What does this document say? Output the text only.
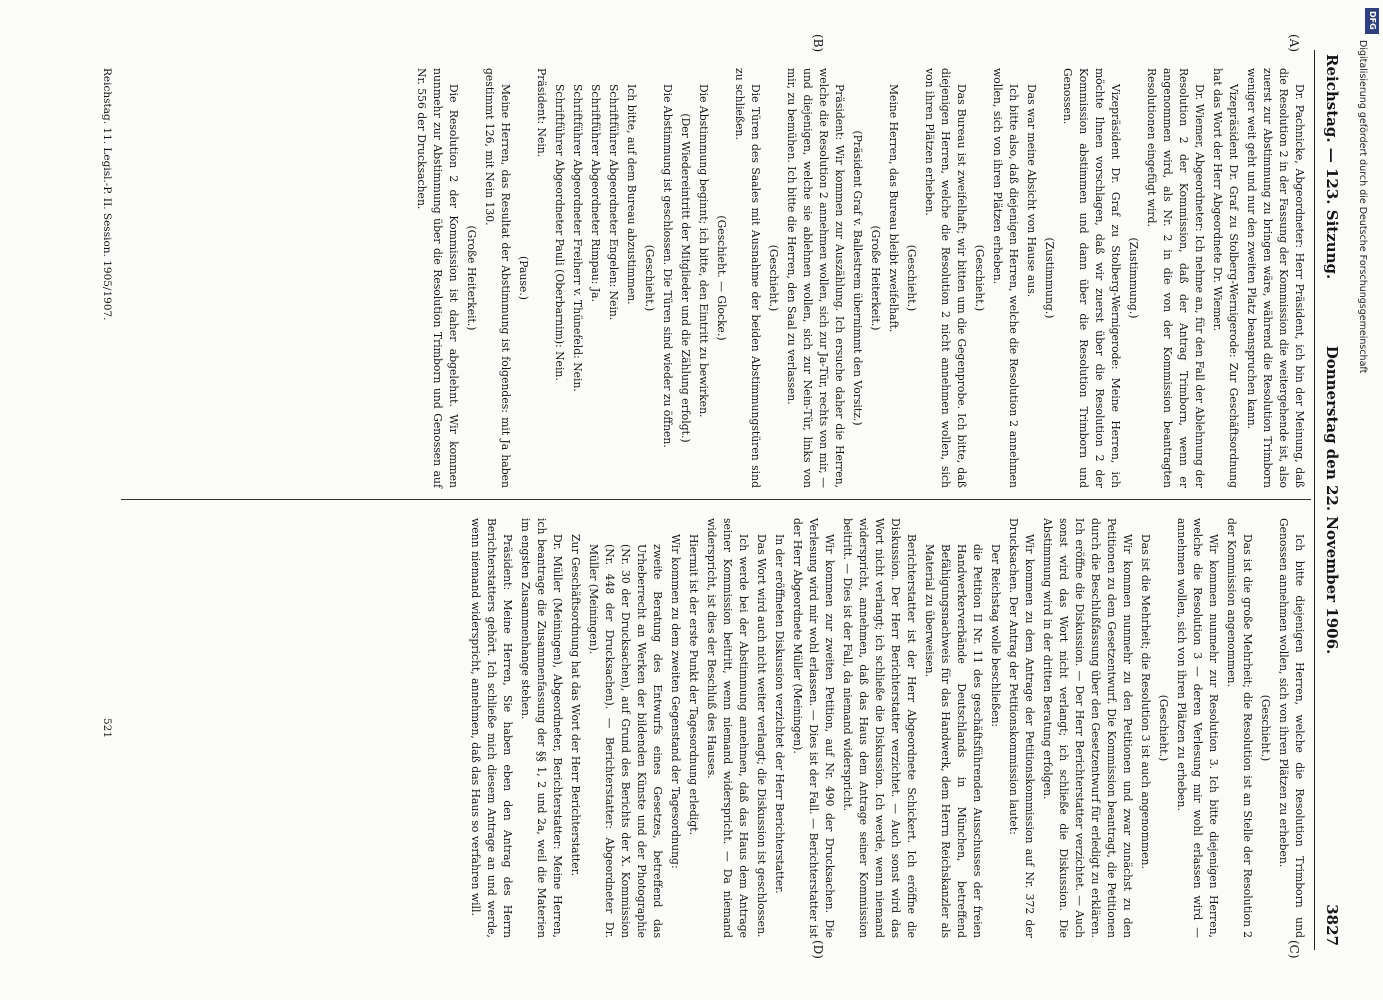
Reichstag. — 123. Sitzung.
Donnerstag den 22. November 1906.
3827
(A)
(B)
(C)
(D)

Dr. Pachnicke, Abgeordneter: Herr Präsident, ich bin der Meinung, daß die Resolution 2 in der Fassung der Kommission die weitergehende ist, also zuerst zur Abstimmung zu bringen wäre, während die Resolution Trimborn weniger weit geht und nur den zweiten Platz beanspruchen kann.

Vizepräsident Dr. Graf zu Stolberg-Wernigerode: Zur Geschäftsordnung hat das Wort der Herr Abgeordnete Dr. Wiemer.

Dr. Wiemer, Abgeordneter: Ich nehme an, für den Fall der Ablehnung der Resolution 2 der Kommission, daß der Antrag Trimborn, wenn er angenommen wird, als Nr. 2 in die von der Kommission beantragten Resolutionen eingefügt wird.

(Zustimmung.)

Vizepräsident Dr. Graf zu Stolberg-Wernigerode: Meine Herren, ich möchte Ihnen vorschlagen, daß wir zuerst über die Resolution 2 der Kommission abstimmen und dann über die Resolution Trimborn und Genossen.

(Zustimmung.)

Das war meine Absicht von Hause aus.

Ich bitte also, daß diejenigen Herren, welche die Resolution 2 annehmen wollen, sich von ihren Plätzen erheben.

(Geschieht.)

Das Bureau ist zweifelhaft; wir bitten um die Gegenprobe. Ich bitte, daß diejenigen Herren, welche die Resolution 2 nicht annehmen wollen, sich von ihren Plätzen erheben.

(Geschieht.)

Meine Herren, das Bureau bleibt zweifelhaft.

(Große Heiterkeit.)

(Präsident Graf v. Ballestrem übernimmt den Vorsitz.)

Präsident: Wir kommen zur Auszählung. Ich ersuche daher die Herren, welche die Resolution 2 annehmen wollen, sich zur Ja-Tür, rechts von mir, — und diejenigen, welche sie ablehnen wollen, sich zur Nein-Tür, links von mir, zu bemühen. Ich bitte die Herren, den Saal zu verlassen.

(Geschieht.)

Die Türen des Saales mit Ausnahme der beiden Abstimmungstüren sind zu schließen.

(Geschieht. — Glocke.)

Die Abstimmung beginnt; ich bitte, den Eintritt zu bewirken.

(Der Wiedereintritt der Mitglieder und die Zählung erfolgt.)

Die Abstimmung ist geschlossen. Die Türen sind wieder zu öffnen.

(Geschieht.)

Ich bitte, auf dem Bureau abzustimmen.

Schriftführer Abgeordneter Engelen: Nein.

Schriftführer Abgeordneter Rimpau: Ja.

Schriftführer Abgeordneter Freiherr v. Thünefeld: Nein.

Schriftführer Abgeordneter Pauli (Oberbarnim): Nein.

Präsident: Nein.

(Pause.)

Meine Herren, das Resultat der Abstimmung ist folgendes: mit Ja haben gestimmt 126, mit Nein 130.

(Große Heiterkeit.)

Die Resolution 2 der Kommission ist daher abgelehnt. Wir kommen nunmehr zur Abstimmung über die Resolution Trimborn und Genossen auf Nr. 556 der Drucksachen.

Ich bitte diejenigen Herren, welche die Resolution Trimborn und Genossen annehmen wollen, sich von ihren Plätzen zu erheben.

(Geschieht.)

Das ist die große Mehrheit; die Resolution ist an Stelle der Resolution 2 der Kommission angenommen.

Wir kommen nunmehr zur Resolution 3. Ich bitte diejenigen Herren, welche die Resolution 3 — deren Verlesung mir wohl erlassen wird — annehmen wollen, sich von ihren Plätzen zu erheben.

(Geschieht.)

Das ist die Mehrheit; die Resolution 3 ist auch angenommen.

Wir kommen nunmehr zu den Petitionen und zwar zunächst zu den Petitionen zu dem Gesetzentwurf. Die Kommission beantragt, die Petitionen durch die Beschlußfassung über den Gesetzentwurf für erledigt zu erklären. Ich eröffne die Diskussion. — Der Herr Berichterstatter verzichtet. — Auch sonst wird das Wort nicht verlangt; ich schließe die Diskussion. Die Abstimmung wird in der dritten Beratung erfolgen.

Wir kommen zu dem Antrage der Petitionskommission auf Nr. 372 der Drucksachen. Der Antrag der Petitionskommission lautet:

Der Reichstag wolle beschließen:

die Petition II Nr. 11 des geschäftsführenden Ausschusses der freien Handwerkerverbände Deutschlands in München, betreffend Befähigungsnachweis für das Handwerk, dem Herrn Reichskanzler als Material zu überweisen.

Berichterstatter ist der Herr Abgeordnete Schickert. Ich eröffne die Diskussion. Der Herr Berichterstatter verzichtet. — Auch sonst wird das Wort nicht verlangt; ich schließe die Diskussion. Ich werde, wenn niemand widerspricht, annehmen, daß das Haus dem Antrage seiner Kommission beitritt. — Dies ist der Fall, da niemand widerspricht.

Wir kommen zur zweiten Petition, auf Nr. 490 der Drucksachen. Die Verlesung wird mir wohl erlassen. — Dies ist der Fall. — Berichterstatter ist der Herr Abgeordnete Müller (Meiningen).

In der eröffneten Diskussion verzichtet der Herr Berichterstatter.

Das Wort wird auch nicht weiter verlangt; die Diskussion ist geschlossen.

Ich werde bei der Abstimmung annehmen, daß das Haus dem Antrage seiner Kommission beitritt, wenn niemand widerspricht. — Da niemand widerspricht, ist dies der Beschluß des Hauses.

Hiermit ist der erste Punkt der Tagesordnung erledigt.

Wir kommen zu dem zweiten Gegenstand der Tagesordnung:

zweite Beratung des Entwurfs eines Gesetzes, betreffend das Urheberrecht an Werken der bildenden Künste und der Photographie (Nr. 30 der Drucksachen), auf Grund des Berichts der X. Kommission (Nr. 448 der Drucksachen). — Berichterstatter: Abgeordneter Dr. Müller (Meiningen).

Zur Geschäftsordnung hat das Wort der Herr Berichterstatter.

Dr. Müller (Meiningen), Abgeordneter, Berichterstatter: Meine Herren, ich beantrage die Zusammenfassung der §§ 1, 2 und 2a, weil die Materien im engsten Zusammenhange stehen.

Präsident: Meine Herren, Sie haben eben den Antrag des Herrn Berichterstatters gehört. Ich schließe mich diesem Antrage an und werde, wenn niemand widerspricht, annehmen, daß das Haus so verfahren will.

Reichstag. 11. Legisl.-P. II. Session. 1905/1907.
521
DFG
Digitalisierung gefördert durch die Deutsche Forschungsgemeinschaft
